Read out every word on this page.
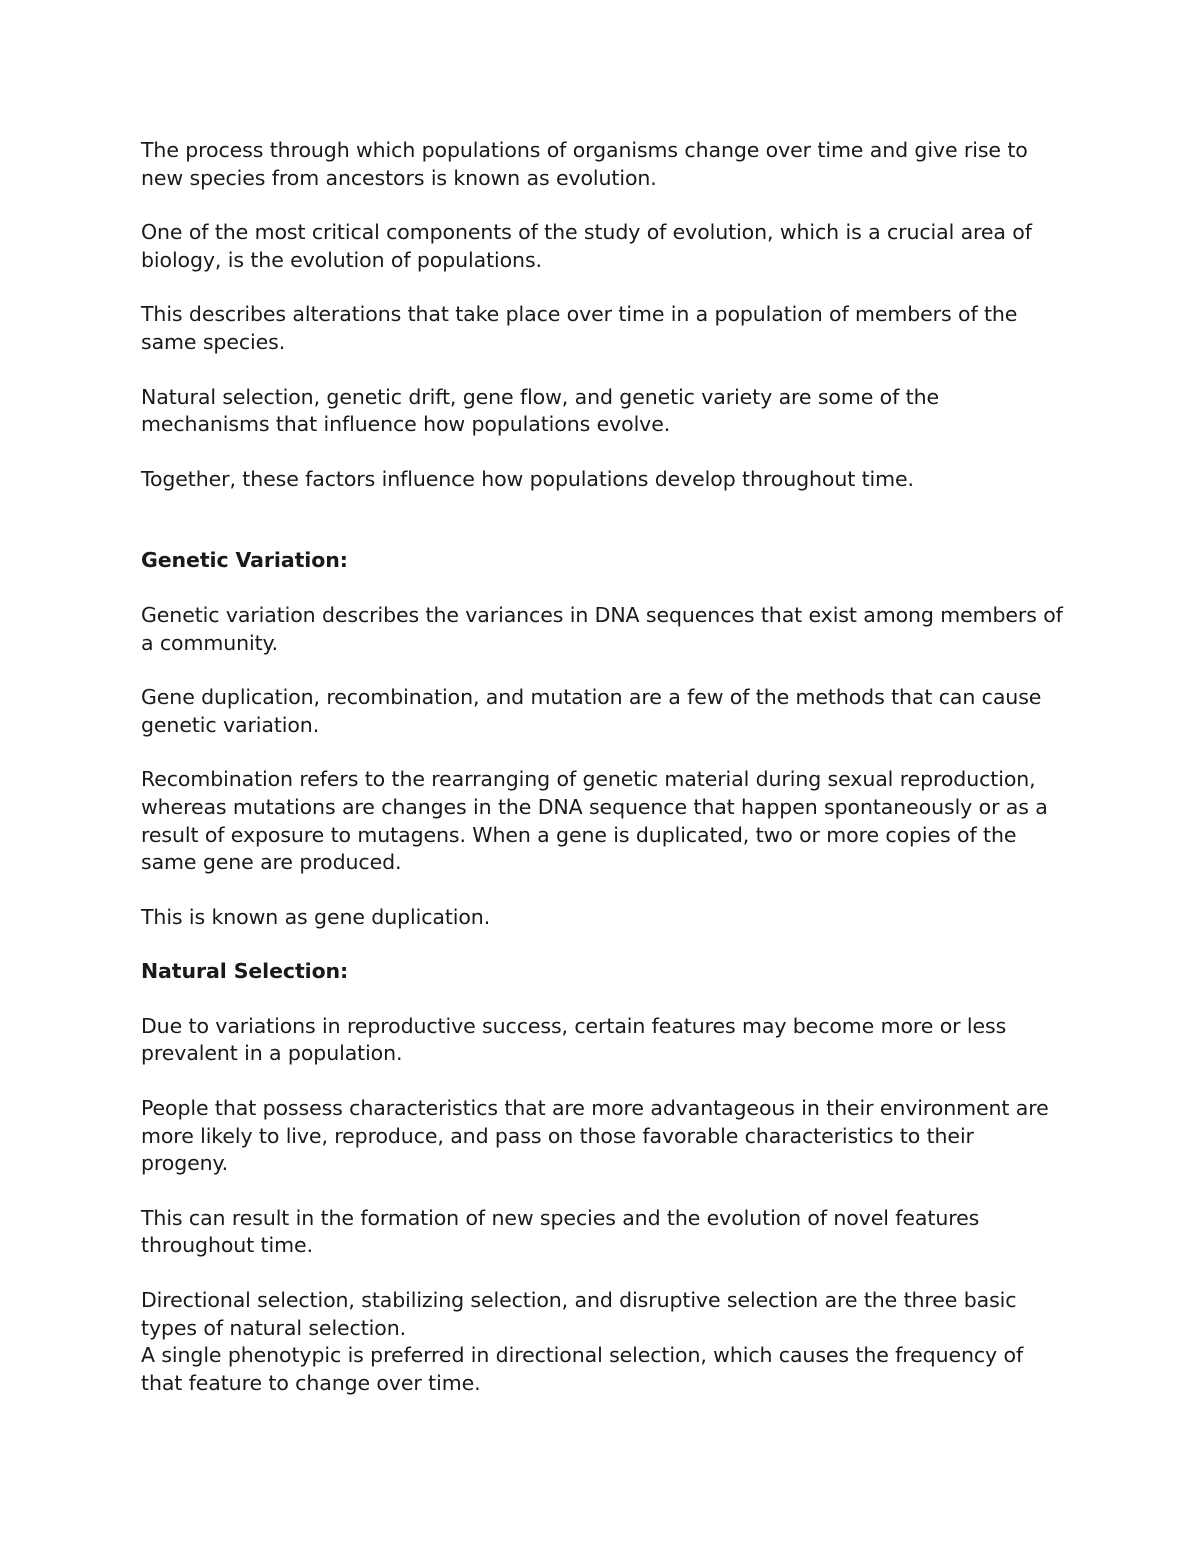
The process through which populations of organisms change over time and give rise to new species from ancestors is known as evolution.

One of the most critical components of the study of evolution, which is a crucial area of biology, is the evolution of populations.

This describes alterations that take place over time in a population of members of the same species.

Natural selection, genetic drift, gene flow, and genetic variety are some of the mechanisms that influence how populations evolve.

Together, these factors influence how populations develop throughout time.

Genetic Variation:

Genetic variation describes the variances in DNA sequences that exist among members of a community.

Gene duplication, recombination, and mutation are a few of the methods that can cause genetic variation.

Recombination refers to the rearranging of genetic material during sexual reproduction, whereas mutations are changes in the DNA sequence that happen spontaneously or as a result of exposure to mutagens. When a gene is duplicated, two or more copies of the same gene are produced.

This is known as gene duplication.

Natural Selection:

Due to variations in reproductive success, certain features may become more or less prevalent in a population.

People that possess characteristics that are more advantageous in their environment are more likely to live, reproduce, and pass on those favorable characteristics to their progeny.

This can result in the formation of new species and the evolution of novel features throughout time.

Directional selection, stabilizing selection, and disruptive selection are the three basic types of natural selection.

A single phenotypic is preferred in directional selection, which causes the frequency of that feature to change over time.
